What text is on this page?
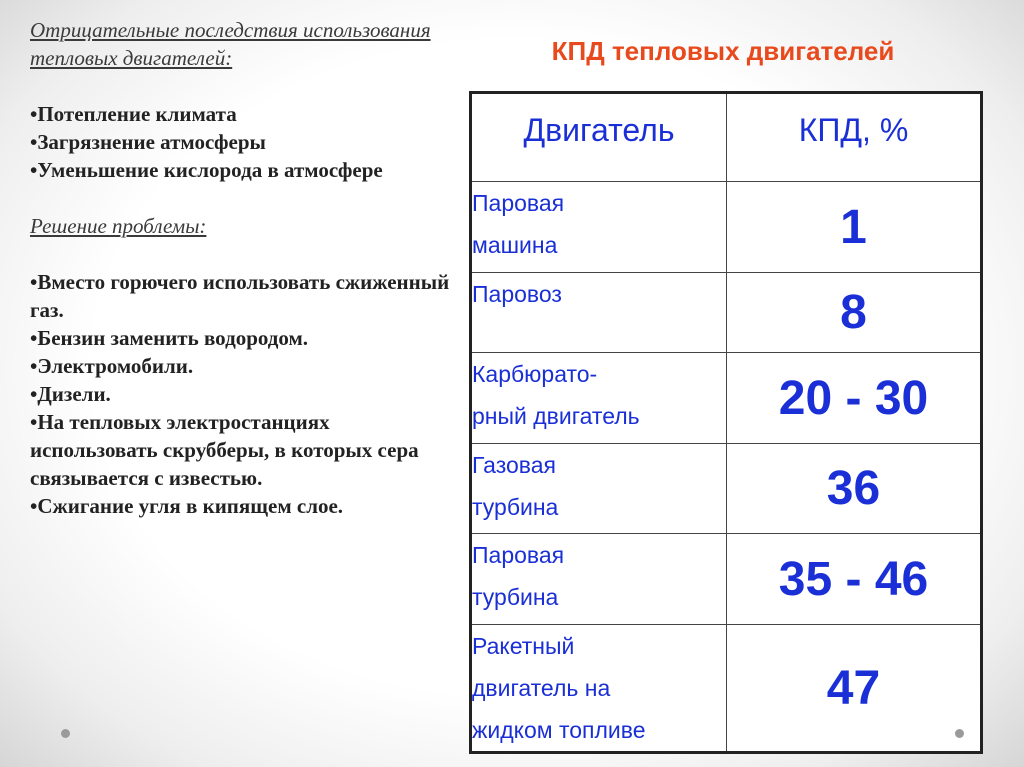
Отрицательные последствия использования тепловых двигателей:

•Потепление климата
•Загрязнение атмосферы
•Уменьшение кислорода в атмосфере

Решение проблемы:

•Вместо горючего использовать сжиженный газ.
•Бензин заменить водородом.
•Электромобили.
•Дизели.
•На тепловых электростанциях использовать скрубберы, в которых сера связывается с известью.
•Сжигание угля в кипящем слое.
КПД тепловых двигателей
Двигатель	КПД, %

Паровая
машина	1

Паровоз	8

Карбюрато-
рный двигатель	20 - 30

Газовая
турбина	36

Паровая
турбина	35 - 46

Ракетный
двигатель на
жидком топливе	47
